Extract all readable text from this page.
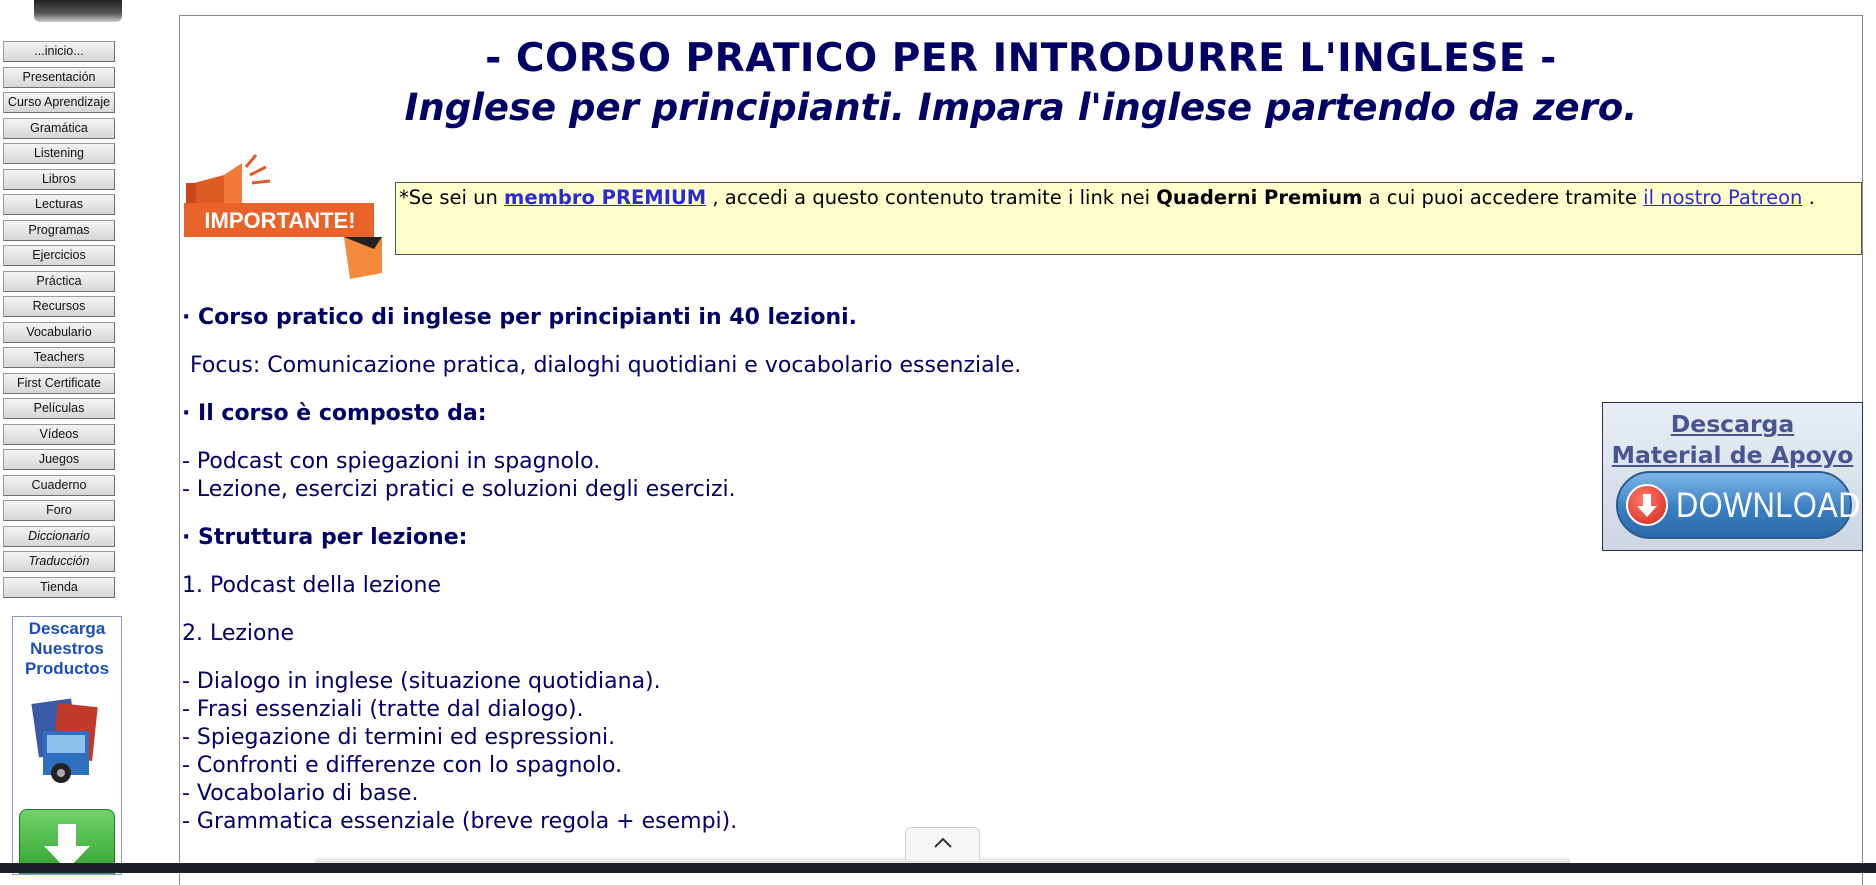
...inicio...
Presentación
Curso Aprendizaje
Gramática
Listening
Libros
Lecturas
Programas
Ejercicios
Práctica
Recursos
Vocabulario
Teachers
First Certificate
Películas
Vídeos
Juegos
Cuaderno
Foro
Diccionario
Traducción
Tienda
Descarga Nuestros Productos
- CORSO PRATICO PER INTRODURRE L'INGLESE -
Inglese per principianti. Impara l'inglese partendo da zero.
IMPORTANTE!
*Se sei un membro PREMIUM , accedi a questo contenuto tramite i link nei Quaderni Premium a cui puoi accedere tramite il nostro Patreon .

· Corso pratico di inglese per principianti in 40 lezioni.

Focus: Comunicazione pratica, dialoghi quotidiani e vocabolario essenziale.

· Il corso è composto da:

- Podcast con spiegazioni in spagnolo.

- Lezione, esercizi pratici e soluzioni degli esercizi.

· Struttura per lezione:

1. Podcast della lezione

2. Lezione

- Dialogo in inglese (situazione quotidiana).

- Frasi essenziali (tratte dal dialogo).

- Spiegazione di termini ed espressioni.

- Confronti e differenze con lo spagnolo.

- Vocabolario di base.

- Grammatica essenziale (breve regola + esempi).

Descarga
Material de Apoyo
DOWNLOAD
